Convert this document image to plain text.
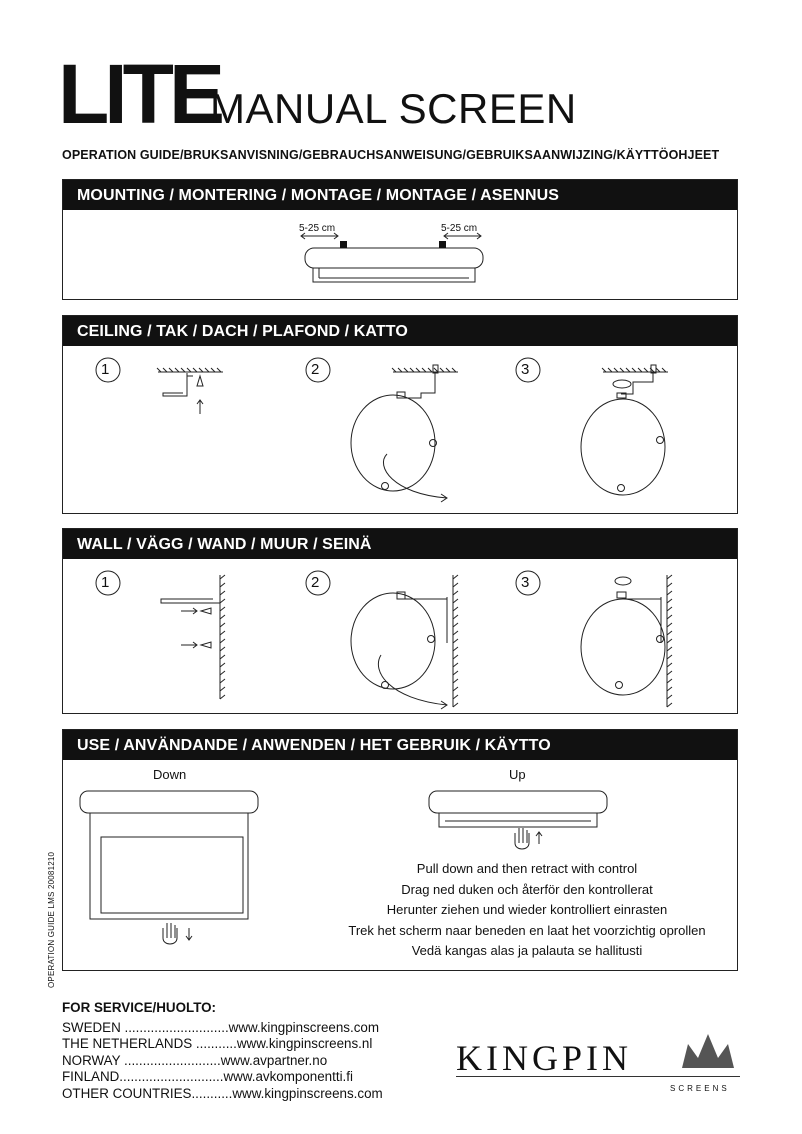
LITE
MANUAL SCREEN
OPERATION GUIDE/BRUKSANVISNING/GEBRAUCHSANWEISUNG/GEBRUIKSAANWIJZING/KÄYTTÖOHJEET
MOUNTING / MONTERING / MONTAGE / MONTAGE / ASENNUS
5-25 cm	5-25 cm
CEILING / TAK / DACH / PLAFOND / KATTO
1	2	3
WALL / VÄGG / WAND / MUUR / SEINÄ
1	2	3
USE / ANVÄNDANDE / ANWENDEN / HET GEBRUIK / KÄYTTO
Down	Up
Pull down and then retract with control
Drag ned duken och återför den kontrollerat
Herunter ziehen und wieder kontrolliert einrasten
Trek het scherm naar beneden en laat het voorzichtig oprollen
Vedä kangas alas ja palauta se hallitusti
OPERATION GUIDE LMS 20081210
FOR SERVICE/HUOLTO:
SWEDEN ............................www.kingpinscreens.com
THE NETHERLANDS ...........www.kingpinscreens.nl
NORWAY ..........................www.avpartner.no
FINLAND............................www.avkomponentti.fi
OTHER COUNTRIES...........www.kingpinscreens.com
KINGPIN
SCREENS
